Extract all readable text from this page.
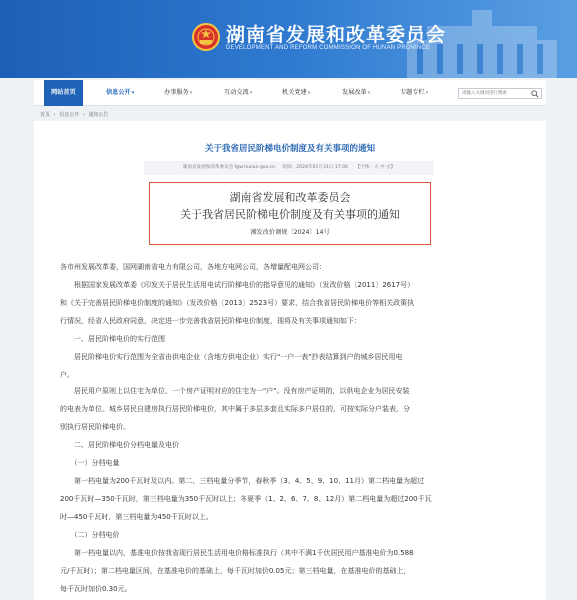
湖南省发展和改革委员会
DEVELOPMENT AND REFORM COMMISSION OF HUNAN PROVINCE
网站首页	信息公开▾	办事服务▾	互动交流▾	机关党建▾	发展改革▾	专题专栏▾
请输入关键词进行搜索
首页 › 信息公开 › 通知公告
关于我省居民阶梯电价制度及有关事项的通知
湖南省发展和改革委员会 fgw.hunan.gov.cn 时间：2024年01月31日 17:06 【字体：大 中 小】
湖南省发展和改革委员会
关于我省居民阶梯电价制度及有关事项的通知
湘发改价调规〔2024〕14号
各市州发展改革委，国网湖南省电力有限公司，各地方电网公司，各增量配电网公司：
　　根据国家发展改革委《印发关于居民生活用电试行阶梯电价的指导意见的通知》（发改价格〔2011〕2617号）
和《关于完善居民阶梯电价制度的通知》（发改价格〔2013〕2523号）要求，结合我省居民阶梯电价等相关政策执
行情况，经省人民政府同意，决定进一步完善我省居民阶梯电价制度，现将及有关事项通知如下：
　　一、居民阶梯电价的实行范围
　　居民阶梯电价实行范围为全省由供电企业（含地方供电企业）实行"一户一表"抄表结算到户的城乡居民用电
户。
　　居民用户原则上以住宅为单位，一个房产证明对应的住宅为一"户"。没有房产证明的，以供电企业为居民安装
的电表为单位。城乡居民自建房执行居民阶梯电价，其中属于多层多套且实际多户居住的，可按实际分户装表，分
别执行居民阶梯电价。
　　二、居民阶梯电价分档电量及电价
　　（一）分档电量
　　第一档电量为200千瓦时及以内。第二、三档电量分季节，春秋季（3、4、5、9、10、11月）第二档电量为超过
200千瓦时—350千瓦时，第三档电量为350千瓦时以上；冬夏季（1、2、6、7、8、12月）第二档电量为超过200千瓦
时—450千瓦时，第三档电量为450千瓦时以上。
　　（二）分档电价
　　第一档电量以内，基准电价按我省现行居民生活用电价格标准执行（其中不满1千伏居民用户基准电价为0.588
元/千瓦时）；第二档电量区间，在基准电价的基础上，每千瓦时加价0.05元；第三档电量，在基准电价的基础上，
每千瓦时加价0.30元。
